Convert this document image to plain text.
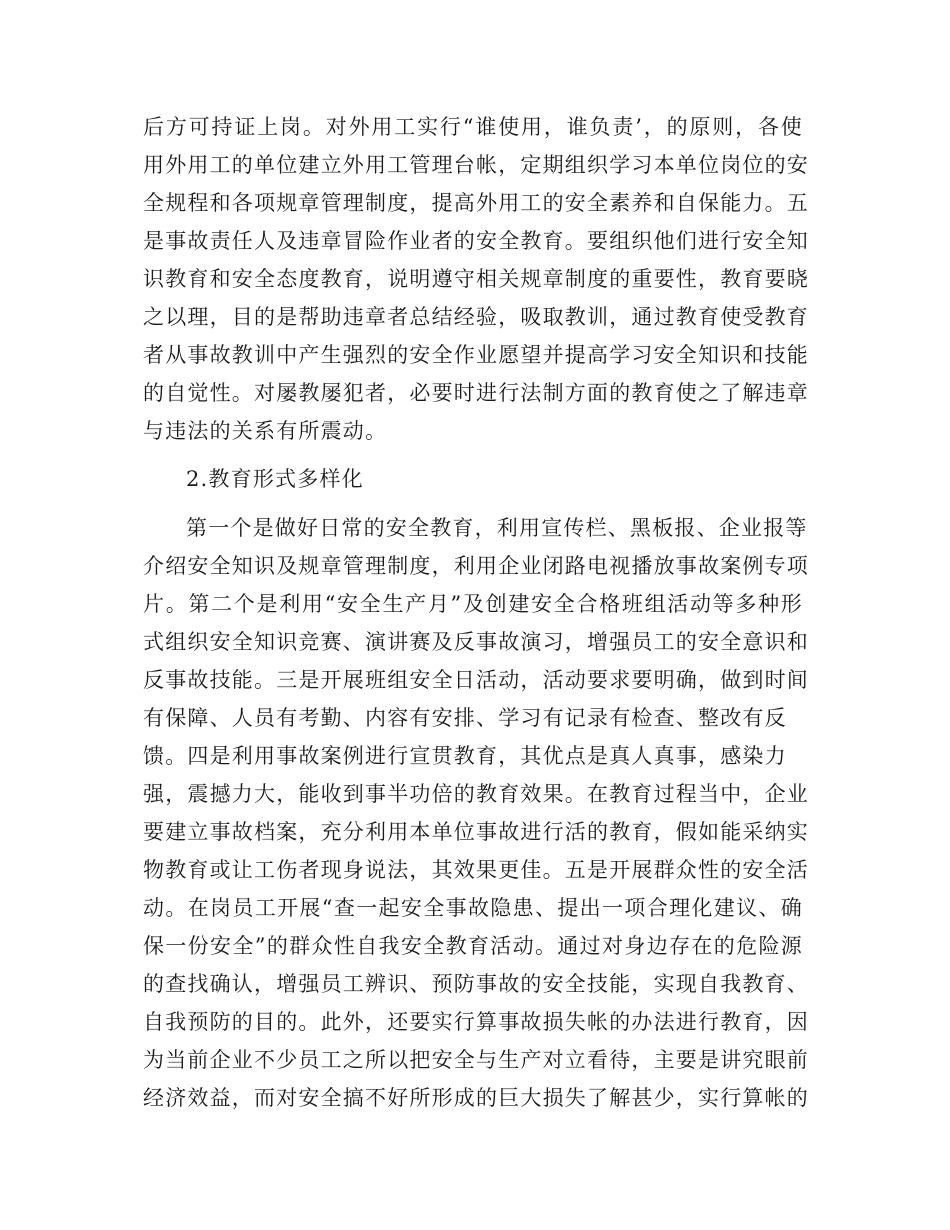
后方可持证上岗。对外用工实行“谁使用，谁负责’，的原则，各使
用外用工的单位建立外用工管理台帐，定期组织学习本单位岗位的安
全规程和各项规章管理制度，提高外用工的安全素养和自保能力。五
是事故责任人及违章冒险作业者的安全教育。要组织他们进行安全知
识教育和安全态度教育，说明遵守相关规章制度的重要性，教育要晓
之以理，目的是帮助违章者总结经验，吸取教训，通过教育使受教育
者从事故教训中产生强烈的安全作业愿望并提高学习安全知识和技能
的自觉性。对屡教屡犯者，必要时进行法制方面的教育使之了解违章
与违法的关系有所震动。
2.教育形式多样化
第一个是做好日常的安全教育，利用宣传栏、黑板报、企业报等
介绍安全知识及规章管理制度，利用企业闭路电视播放事故案例专项
片。第二个是利用“安全生产月”及创建安全合格班组活动等多种形
式组织安全知识竞赛、演讲赛及反事故演习，增强员工的安全意识和
反事故技能。三是开展班组安全日活动，活动要求要明确，做到时间
有保障、人员有考勤、内容有安排、学习有记录有检查、整改有反
馈。四是利用事故案例进行宣贯教育，其优点是真人真事，感染力
强，震撼力大，能收到事半功倍的教育效果。在教育过程当中，企业
要建立事故档案，充分利用本单位事故进行活的教育，假如能采纳实
物教育或让工伤者现身说法，其效果更佳。五是开展群众性的安全活
动。在岗员工开展“查一起安全事故隐患、提出一项合理化建议、确
保一份安全”的群众性自我安全教育活动。通过对身边存在的危险源
的查找确认，增强员工辨识、预防事故的安全技能，实现自我教育、
自我预防的目的。此外，还要实行算事故损失帐的办法进行教育，因
为当前企业不少员工之所以把安全与生产对立看待，主要是讲究眼前
经济效益，而对安全搞不好所形成的巨大损失了解甚少，实行算帐的
